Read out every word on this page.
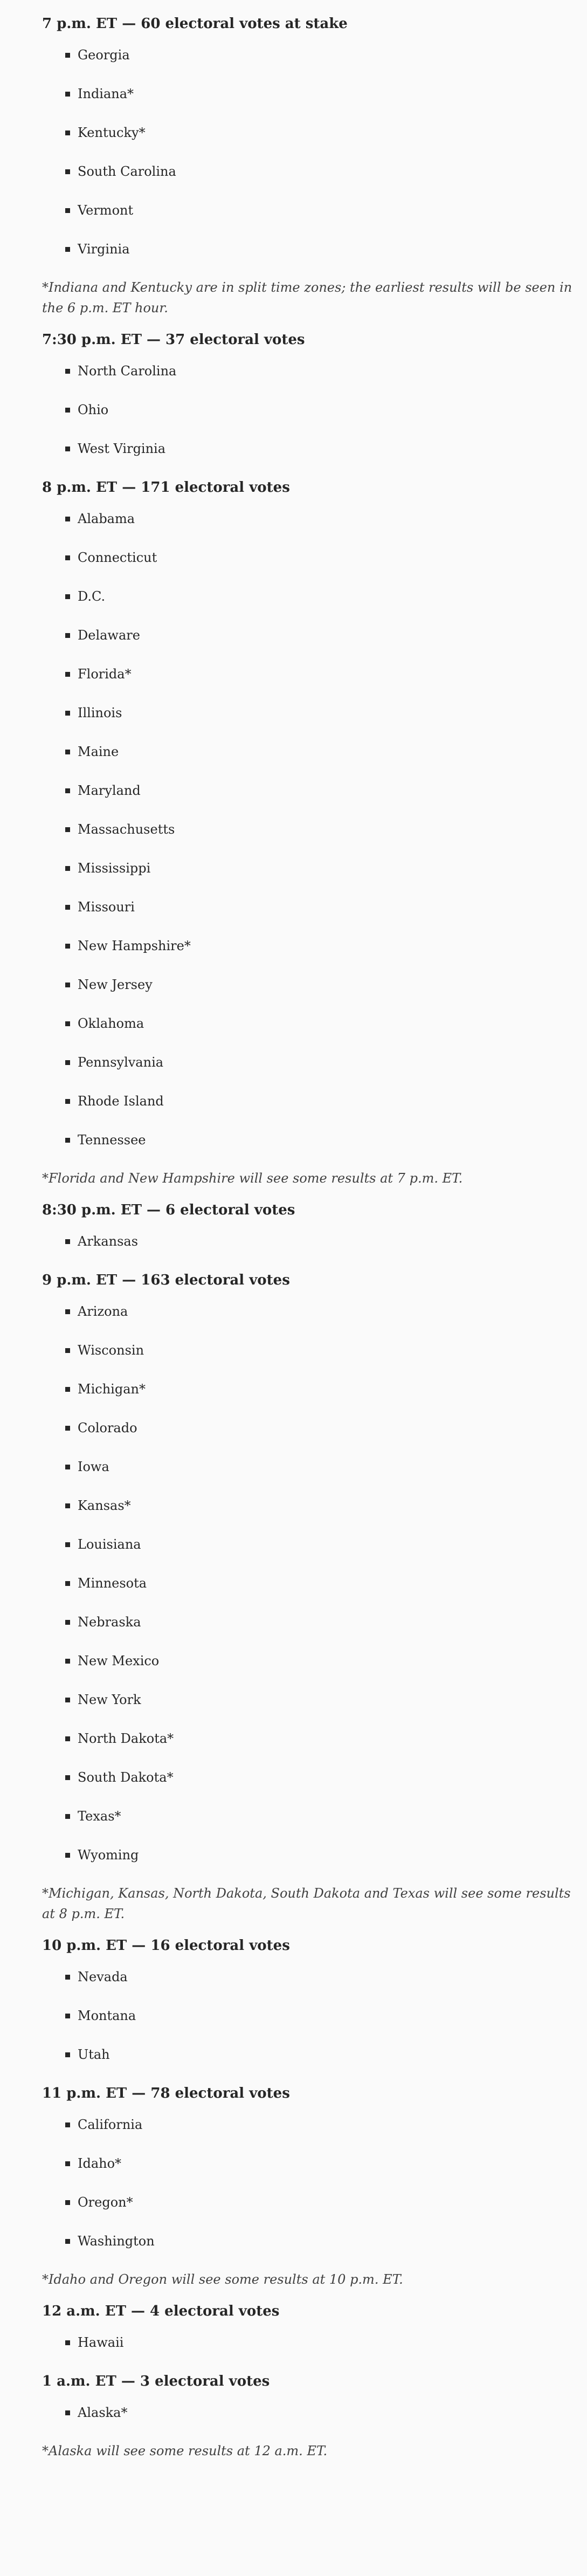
7 p.m. ET — 60 electoral votes at stake
Georgia
Indiana*
Kentucky*
South Carolina
Vermont
Virginia

*Indiana and Kentucky are in split time zones; the earliest results will be seen in the 6 p.m. ET hour.

7:30 p.m. ET — 37 electoral votes
North Carolina
Ohio
West Virginia
8 p.m. ET — 171 electoral votes
Alabama
Connecticut
D.C.
Delaware
Florida*
Illinois
Maine
Maryland
Massachusetts
Mississippi
Missouri
New Hampshire*
New Jersey
Oklahoma
Pennsylvania
Rhode Island
Tennessee

*Florida and New Hampshire will see some results at 7 p.m. ET.

8:30 p.m. ET — 6 electoral votes
Arkansas
9 p.m. ET — 163 electoral votes
Arizona
Wisconsin
Michigan*
Colorado
Iowa
Kansas*
Louisiana
Minnesota
Nebraska
New Mexico
New York
North Dakota*
South Dakota*
Texas*
Wyoming

*Michigan, Kansas, North Dakota, South Dakota and Texas will see some results at 8 p.m. ET.

10 p.m. ET — 16 electoral votes
Nevada
Montana
Utah
11 p.m. ET — 78 electoral votes
California
Idaho*
Oregon*
Washington

*Idaho and Oregon will see some results at 10 p.m. ET.

12 a.m. ET — 4 electoral votes
Hawaii
1 a.m. ET — 3 electoral votes
Alaska*

*Alaska will see some results at 12 a.m. ET.
